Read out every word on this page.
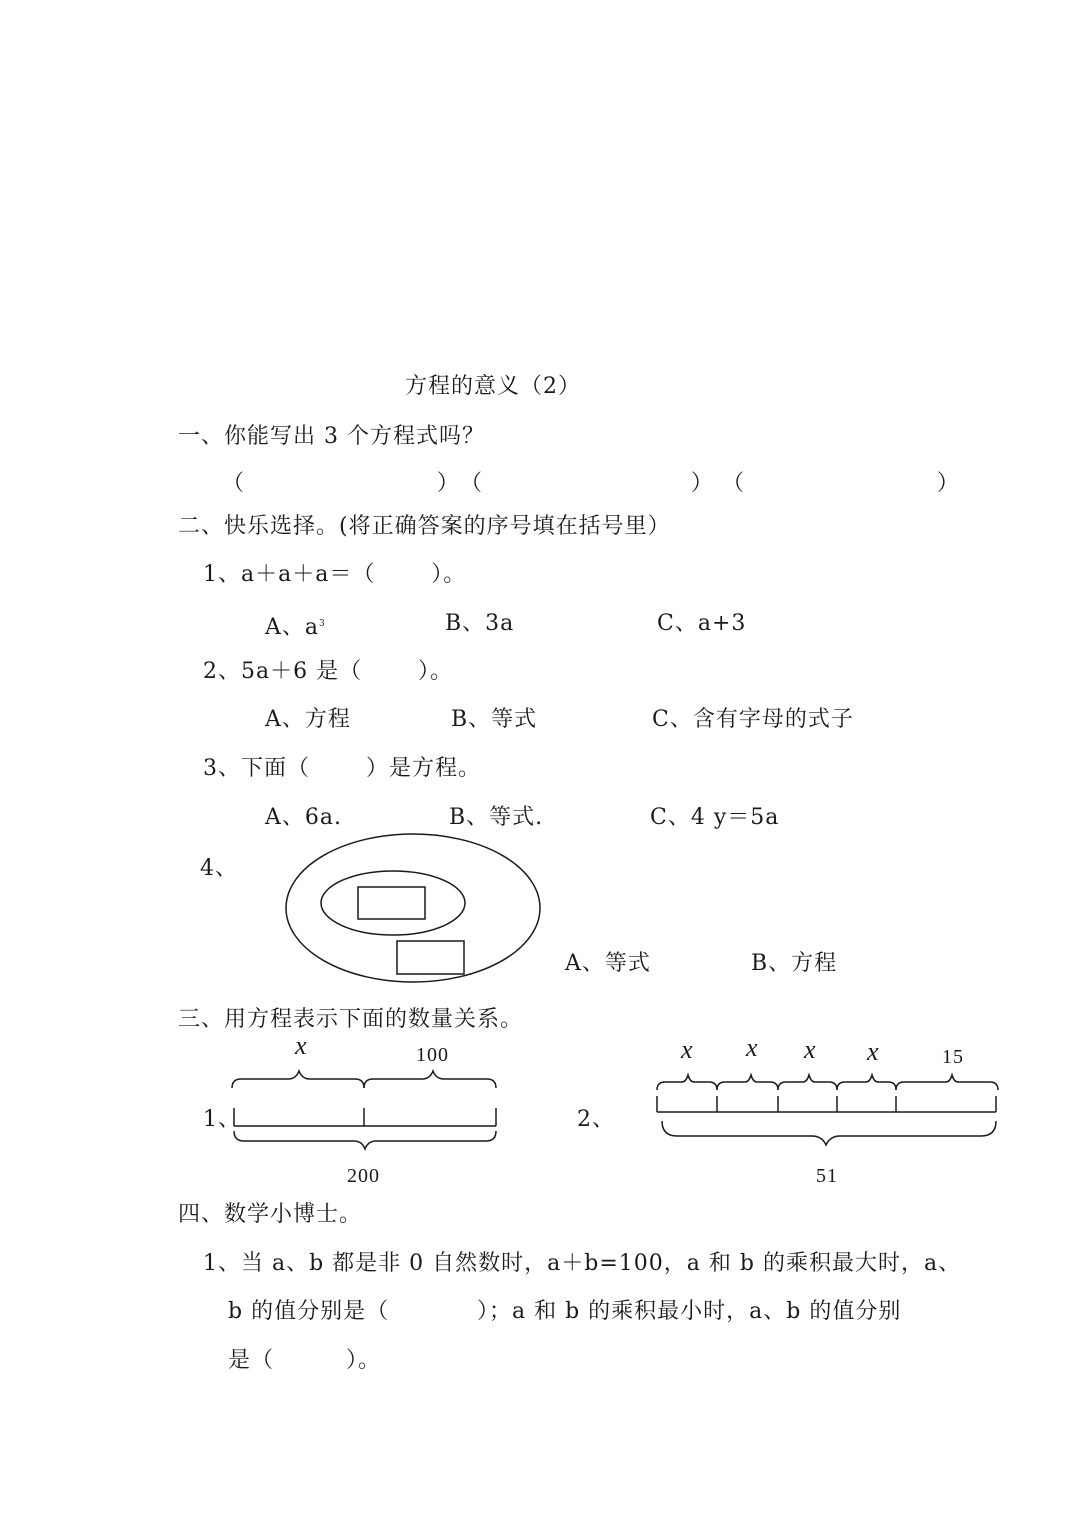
方程的意义（2）
一、你能写出 3 个方程式吗？
（                        ） （                          ） （                        ）
二、快乐选择。(将正确答案的序号填在括号里）
1、a＋a＋a＝（       ）。
A、$a^3$	B、3a	C、a+3
2、5a＋6 是（       ）。
A、方程	B、等式	C、含有字母的式子
3、下面（       ）是方程。
A、6a.	B、等式.	C、4 y＝5a
4、
A、等式	B、方程
三、用方程表示下面的数量关系。
1、
x	100
200
2、
x x x x	15
51
四、数学小博士。
1、当 a、b 都是非 0 自然数时，a＋b=100，a 和 b 的乘积最大时，a、
b 的值分别是（           ）；a 和 b 的乘积最小时，a、b 的值分别
是（         ）。
